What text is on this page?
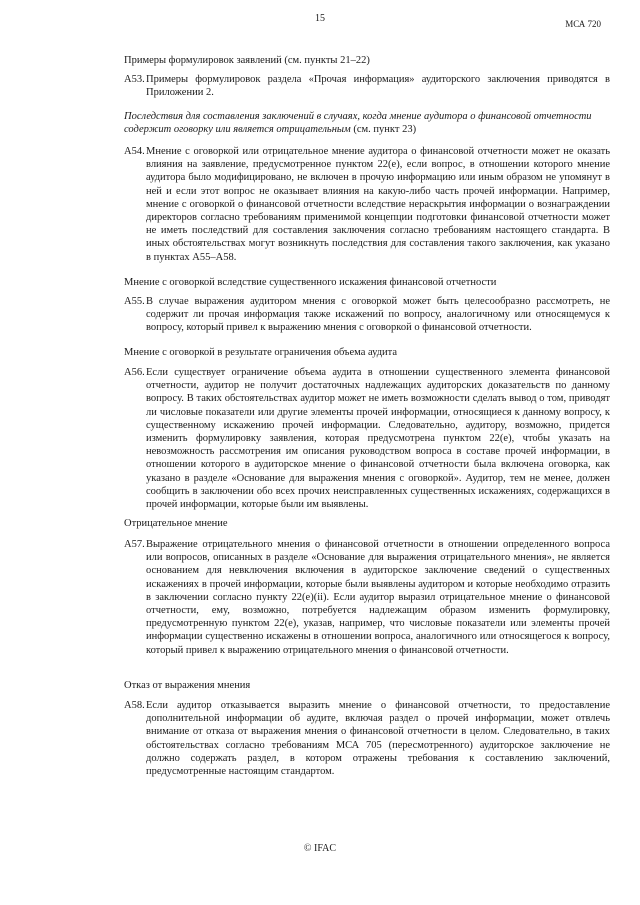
15	МСА 720
Примеры формулировок заявлений (см. пункты 21–22)
A53. Примеры формулировок раздела «Прочая информация» аудиторского заключения приводятся в Приложении 2.
Последствия для составления заключений в случаях, когда мнение аудитора о финансовой отчетности содержит оговорку или является отрицательным (см. пункт 23)
A54. Мнение с оговоркой или отрицательное мнение аудитора о финансовой отчетности может не оказать влияния на заявление, предусмотренное пунктом 22(e), если вопрос, в отношении которого мнение аудитора было модифицировано, не включен в прочую информацию или иным образом не упомянут в ней и если этот вопрос не оказывает влияния на какую-либо часть прочей информации. Например, мнение с оговоркой о финансовой отчетности вследствие нераскрытия информации о вознаграждении директоров согласно требованиям применимой концепции подготовки финансовой отчетности может не иметь последствий для составления заключения согласно требованиям настоящего стандарта. В иных обстоятельствах могут возникнуть последствия для составления такого заключения, как указано в пунктах A55–A58.
Мнение с оговоркой вследствие существенного искажения финансовой отчетности
A55. В случае выражения аудитором мнения с оговоркой может быть целесообразно рассмотреть, не содержит ли прочая информация также искажений по вопросу, аналогичному или относящемуся к вопросу, который привел к выражению мнения с оговоркой о финансовой отчетности.
Мнение с оговоркой в результате ограничения объема аудита
A56. Если существует ограничение объема аудита в отношении существенного элемента финансовой отчетности, аудитор не получит достаточных надлежащих аудиторских доказательств по данному вопросу. В таких обстоятельствах аудитор может не иметь возможности сделать вывод о том, приводят ли числовые показатели или другие элементы прочей информации, относящиеся к данному вопросу, к существенному искажению прочей информации. Следовательно, аудитору, возможно, придется изменить формулировку заявления, которая предусмотрена пунктом 22(e), чтобы указать на невозможность рассмотрения им описания руководством вопроса в составе прочей информации, в отношении которого в аудиторское мнение о финансовой отчетности была включена оговорка, как указано в разделе «Основание для выражения мнения с оговоркой». Аудитор, тем не менее, должен сообщить в заключении обо всех прочих неисправленных существенных искажениях, содержащихся в прочей информации, которые были им выявлены.
Отрицательное мнение
A57. Выражение отрицательного мнения о финансовой отчетности в отношении определенного вопроса или вопросов, описанных в разделе «Основание для выражения отрицательного мнения», не является основанием для невключения включения в аудиторское заключение сведений о существенных искажениях в прочей информации, которые были выявлены аудитором и которые необходимо отразить в заключении согласно пункту 22(e)(ii). Если аудитор выразил отрицательное мнение о финансовой отчетности, ему, возможно, потребуется надлежащим образом изменить формулировку, предусмотренную пунктом 22(e), указав, например, что числовые показатели или элементы прочей информации существенно искажены в отношении вопроса, аналогичного или относящегося к вопросу, который привел к выражению отрицательного мнения о финансовой отчетности.
Отказ от выражения мнения
A58. Если аудитор отказывается выразить мнение о финансовой отчетности, то предоставление дополнительной информации об аудите, включая раздел о прочей информации, может отвлечь внимание от отказа от выражения мнения о финансовой отчетности в целом. Следовательно, в таких обстоятельствах согласно требованиям МСА 705 (пересмотренного) аудиторское заключение не должно содержать раздел, в котором отражены требования к составлению заключений, предусмотренные настоящим стандартом.
© IFAC
